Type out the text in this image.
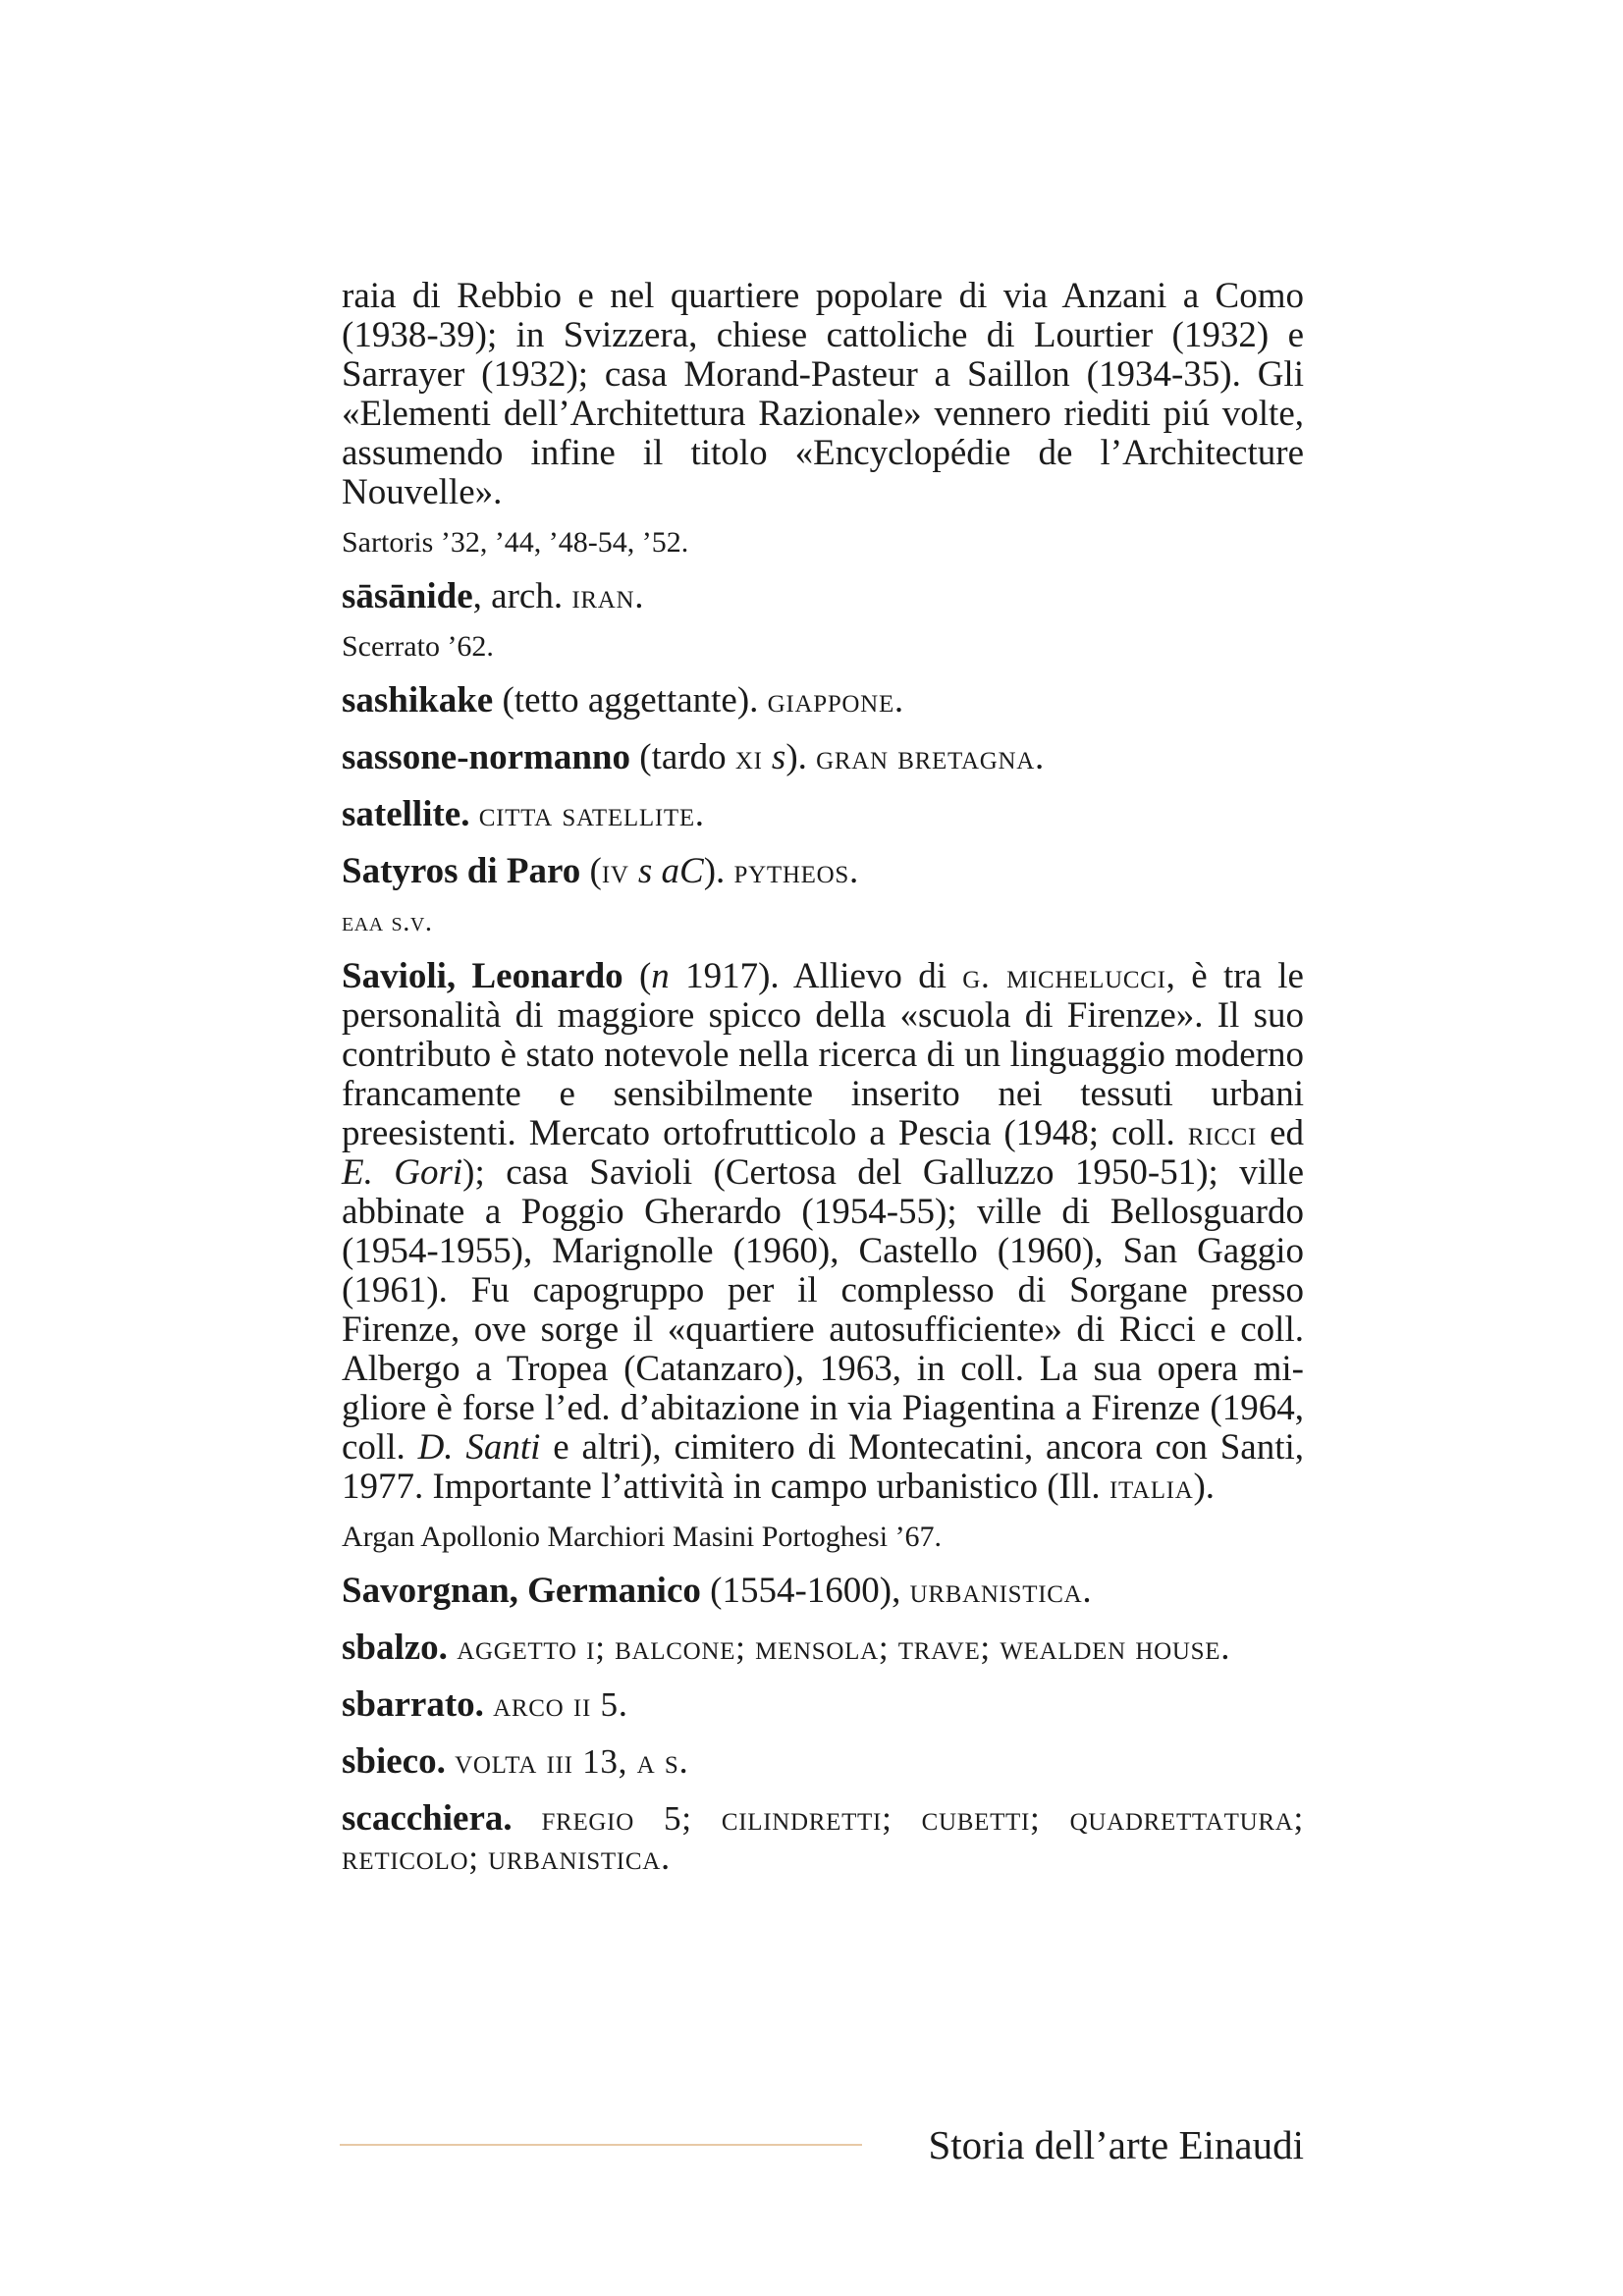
raia di Rebbio e nel quartiere popolare di via Anzani a Como (1938-39); in Svizzera, chiese cattoliche di Lourtier (1932) e Sarrayer (1932); casa Morand-Pasteur a Saillon (1934-35). Gli «Elementi dell’Architettura Razionale» vennero riediti piú volte, assumendo infine il titolo «Encyclopédie de l’Architecture Nouvelle».

Sartoris ’32, ’44, ’48-54, ’52.

sāsānide, arch. iran.

Scerrato ’62.

sashikake (tetto aggettante). giappone.

sassone-normanno (tardo xi s). gran bretagna.

satellite. citta satellite.

Satyros di Paro (iv s aC). pytheos.

eaa s.v.

Savioli, Leonardo (n 1917). Allievo di g. michelucci, è tra le personalità di maggiore spicco della «scuola di Firenze». Il suo contributo è stato notevole nella ricerca di un linguaggio moderno francamente e sensibilmente inserito nei tessuti urbani preesistenti. Mercato ortofrutticolo a Pescia (1948; coll. ricci ed E. Gori); casa Savioli (Certosa del Galluzzo 1950-51); ville abbinate a Poggio Gherardo (1954-55); ville di Bellosguardo (1954-1955), Marignolle (1960), Castello (1960), San Gaggio (1961). Fu capogruppo per il complesso di Sorgane presso Firenze, ove sorge il «quartiere autosufficiente» di Ricci e coll. Albergo a Tropea (Catanzaro), 1963, in coll. La sua opera migliore è forse l’ed. d’abitazione in via Piagentina a Firenze (1964, coll. D. Santi e altri), cimitero di Montecatini, ancora con Santi, 1977. Importante l’attività in campo urbanistico (Ill. italia).

Argan Apollonio Marchiori Masini Portoghesi ’67.

Savorgnan, Germanico (1554-1600), urbanistica.

sbalzo. aggetto i; balcone; mensola; trave; wealden house.

sbarrato. arco ii 5.

sbieco. volta iii 13, a s.

scacchiera. fregio 5; cilindretti; cubetti; quadrettatura; reticolo; urbanistica.

Storia dell’arte Einaudi
